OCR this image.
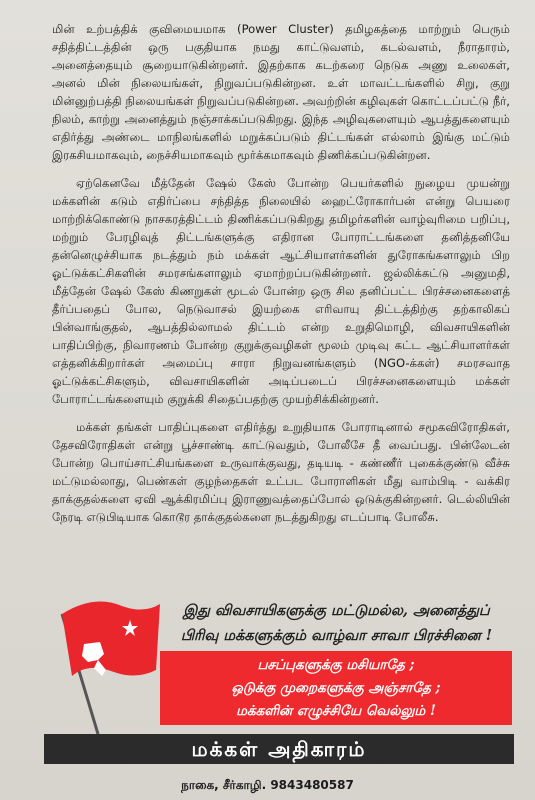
மின் உற்பத்திக் குவிமையமாக (Power Cluster) தமிழகத்தை மாற்றும் பெரும் சதித்திட்டத்தின் ஒரு பகுதியாக நமது காட்டுவளம், கடல்வளம், நீராதாரம், அனைத்தையும் சூறையாடுகின்றனர். இதற்காக கடற்கரை நெடுக அணு உலைகள், அனல் மின் நிலையங்கள், நிறுவப்படுகின்றன. உள் மாவட்டங்களில் சிறு, குறு மின்னுற்பத்தி நிலையங்கள் நிறுவப்படுகின்றன. அவற்றின் கழிவுகள் கொட்டப்பட்டு நீர், நிலம், காற்று அனைத்தும் நஞ்சாக்கப்படுகிறது. இந்த அழிவுகளையும் ஆபத்துகளையும் எதிர்த்து அண்டை மாநிலங்களில் மறுக்கப்படும் திட்டங்கள் எல்லாம் இங்கு மட்டும் இரகசியமாகவும், நைச்சியமாகவும் மூர்க்கமாகவும் திணிக்கப்படுகின்றன.

ஏற்கெனவே மீத்தேன் ஷேல் கேஸ் போன்ற பெயர்களில் நுழைய முயன்று மக்களின் கடும் எதிர்ப்பை சந்தித்த நிலையில் ஹைட்ரோகார்பன் என்று பெயரை மாற்றிக்கொண்டு நாசகரத்திட்டம் திணிக்கப்படுகிறது தமிழர்களின் வாழ்வுரிமை பறிப்பு, மற்றும் பேரழிவுத் திட்டங்களுக்கு எதிரான போராட்டங்களை தனித்தனியே தன்னெழுச்சியாக நடத்தும் நம் மக்கள் ஆட்சியாளர்களின் துரோகங்களாலும் பிற ஓட்டுக்கட்சிகளின் சமரசங்களாலும் ஏமாற்றப்படுகின்றனர். ஜல்லிக்கட்டு அனுமதி, மீத்தேன் ஷேல் கேஸ் கிணறுகள் மூடல் போன்ற ஒரு சில தனிப்பட்ட பிரச்சனைகளைத் தீர்ப்பதைப் போல, நெடுவாசல் இயற்கை எரிவாயு திட்டத்திற்கு தற்காலிகப் பின்வாங்குதல், ஆபத்தில்லாமல் திட்டம் என்ற உறுதிமொழி, விவசாயிகளின் பாதிப்பிற்கு, நிவாரணம் போன்ற குறுக்குவழிகள் மூலம் முடிவு கட்ட ஆட்சியாளர்கள் எத்தனிக்கிறார்கள் அமைப்பு சாரா நிறுவனங்களும் (NGO-க்கள்) சமரசவாத ஓட்டுக்கட்சிகளும், விவசாயிகளின் அடிப்படைப் பிரச்சனைகளையும் மக்கள் போராட்டங்களையும் குறுக்கி சிதைப்பதற்கு முயற்சிக்கின்றனர்.

மக்கள் தங்கள் பாதிப்புகளை எதிர்த்து உறுதியாக போராடினால் சமூகவிரோதிகள், தேசவிரோதிகள் என்று பூச்சாண்டி காட்டுவதும், போலீசே தீ வைப்பது. பின்லேடன் போன்ற பொய்சாட்சியங்களை உருவாக்குவது, தடியடி - கண்ணீர் புகைக்குண்டு வீச்சு மட்டுமல்லாது, பெண்கள் குழந்தைகள் உட்பட போராளிகள் மீது வாம்பிடி - வக்கிர தாக்குதல்களை ஏவி ஆக்கிரமிப்பு இராணுவத்தைப்போல் ஒடுக்குகின்றனர். டெல்லியின் நேரடி எடுபிடியாக கொடூர தாக்குதல்களை நடத்துகிறது எடப்பாடி போலீசு.

இது விவசாயிகளுக்கு மட்டுமல்ல, அனைத்துப்
பிரிவு மக்களுக்கும் வாழ்வா சாவா பிரச்சினை !
பசப்புகளுக்கு மசியாதே ;
ஒடுக்கு முறைகளுக்கு அஞ்சாதே ;
மக்களின் எழுச்சியே வெல்லும் !
மக்கள் அதிகாரம்
நாகை, சீர்காழி. 9843480587
